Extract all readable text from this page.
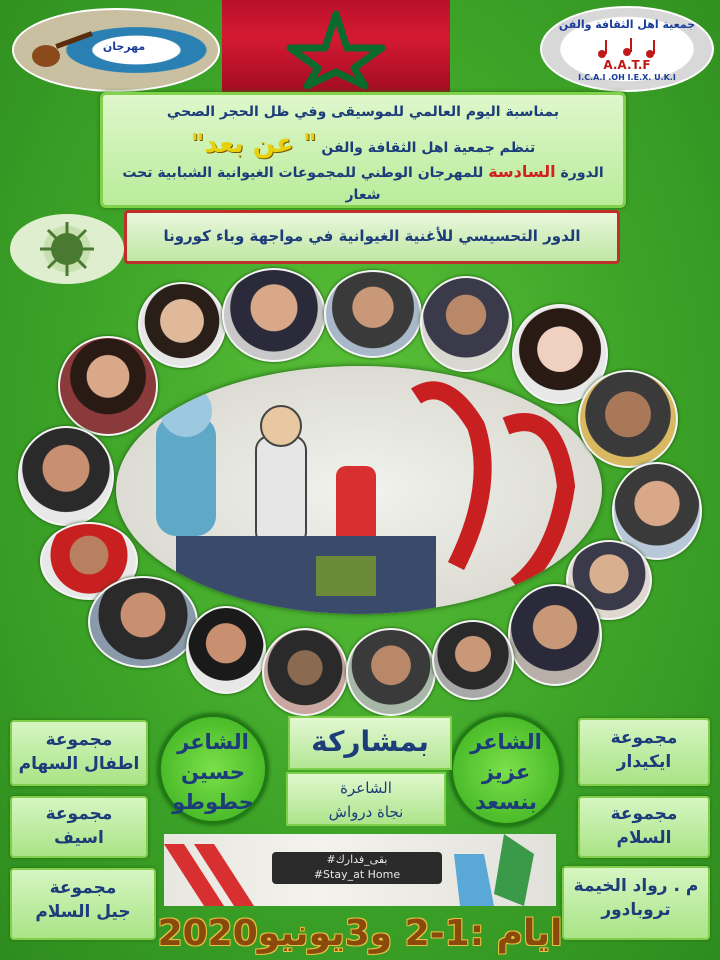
مهرجان
جمعية اهل الثقافة والفن
A.A.T.F
I.C.A.I .OH I.E.X. U.K.I
بمناسبة اليوم العالمي للموسيقى وفي ظل الحجر الصحي
تنظم جمعية اهل الثقافة والفن " عن بعد"
الدورة السادسة للمهرجان الوطني للمجموعات الغيوانية الشبابية تحت شعار
الدور التحسيسي للأغنية الغيوانية في مواجهة وباء كورونا
مجموعة
اطفال السهام
مجموعة
اسيف
مجموعة
جيل السلام
مجموعة
ايكيدار
مجموعة
السلام
م . رواد الخيمة
تروبادور
الشاعر
حسين
حطوطو
الشاعر
عزيز
بنسعد
بمشاركة
الشاعرة
نجاة درواش
#بقى_فدارك
#Stay_at Home
ايام :1-2 و3يونيو2020
